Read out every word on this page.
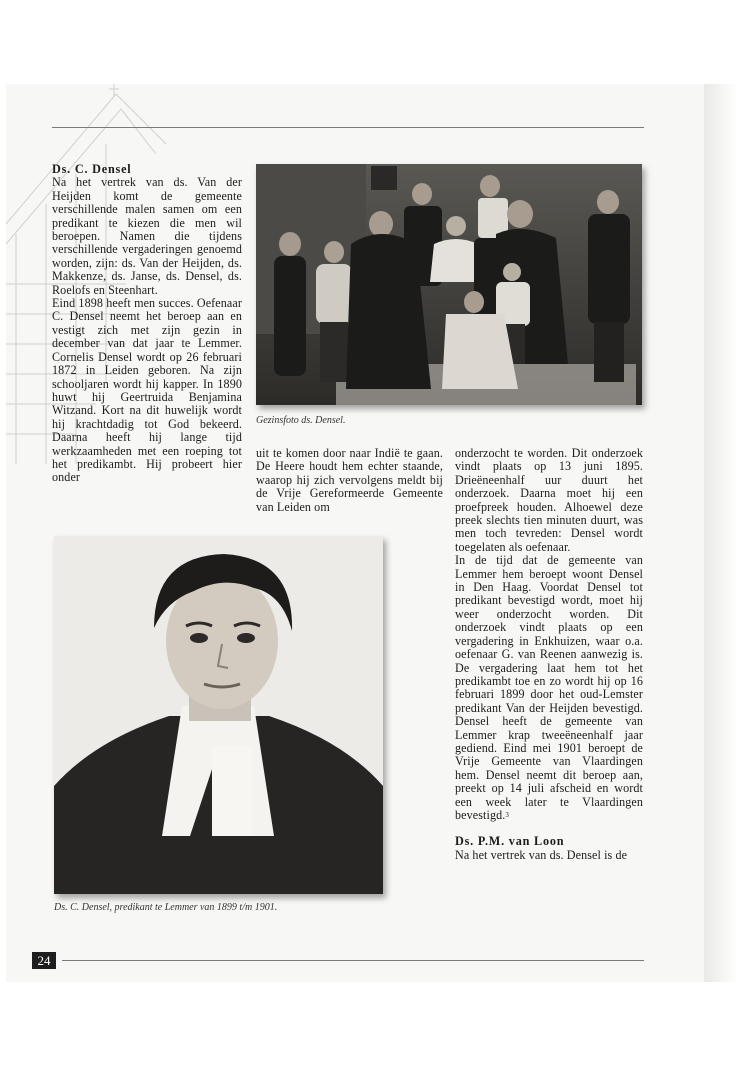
Ds. C. Densel

Na het vertrek van ds. Van der Heijden komt de gemeente verschillende malen samen om een predikant te kiezen die men wil beroepen. Namen die tijdens verschillende vergaderingen genoemd worden, zijn: ds. Van der Heijden, ds. Makkenze, ds. Janse, ds. Densel, ds. Roelofs en Steenhart.

Eind 1898 heeft men succes. Oefenaar C. Densel neemt het beroep aan en vestigt zich met zijn gezin in december van dat jaar te Lemmer. Cornelis Densel wordt op 26 februari 1872 in Leiden geboren. Na zijn schooljaren wordt hij kapper. In 1890 huwt hij Geertruida Benjamina Witzand. Kort na dit huwelijk wordt hij krachtdadig tot God bekeerd. Daarna heeft hij lange tijd werkzaamheden met een roeping tot het predikambt. Hij probeert hier onder

Gezinsfoto ds. Densel.

uit te komen door naar Indië te gaan. De Heere houdt hem echter staande, waarop hij zich vervolgens meldt bij de Vrije Gereformeerde Gemeente van Leiden om

onderzocht te worden. Dit onderzoek vindt plaats op 13 juni 1895. Drieëneenhalf uur duurt het onderzoek. Daarna moet hij een proefpreek houden. Alhoewel deze preek slechts tien minuten duurt, was men toch tevreden: Densel wordt toegelaten als oefenaar.

In de tijd dat de gemeente van Lemmer hem beroept woont Densel in Den Haag. Voordat Densel tot predikant bevestigd wordt, moet hij weer onderzocht worden. Dit onderzoek vindt plaats op een vergadering in Enkhuizen, waar o.a. oefenaar G. van Reenen aanwezig is. De vergadering laat hem tot het predikambt toe en zo wordt hij op 16 februari 1899 door het oud-Lemster predikant Van der Heijden bevestigd. Densel heeft de gemeente van Lemmer krap tweeëneenhalf jaar gediend. Eind mei 1901 beroept de Vrije Gemeente van Vlaardingen hem. Densel neemt dit beroep aan, preekt op 14 juli afscheid en wordt een week later te Vlaardingen bevestigd.$^3$

Ds. P.M. van Loon

Na het vertrek van ds. Densel is de

Ds. C. Densel, predikant te Lemmer van 1899 t/m 1901.
24
